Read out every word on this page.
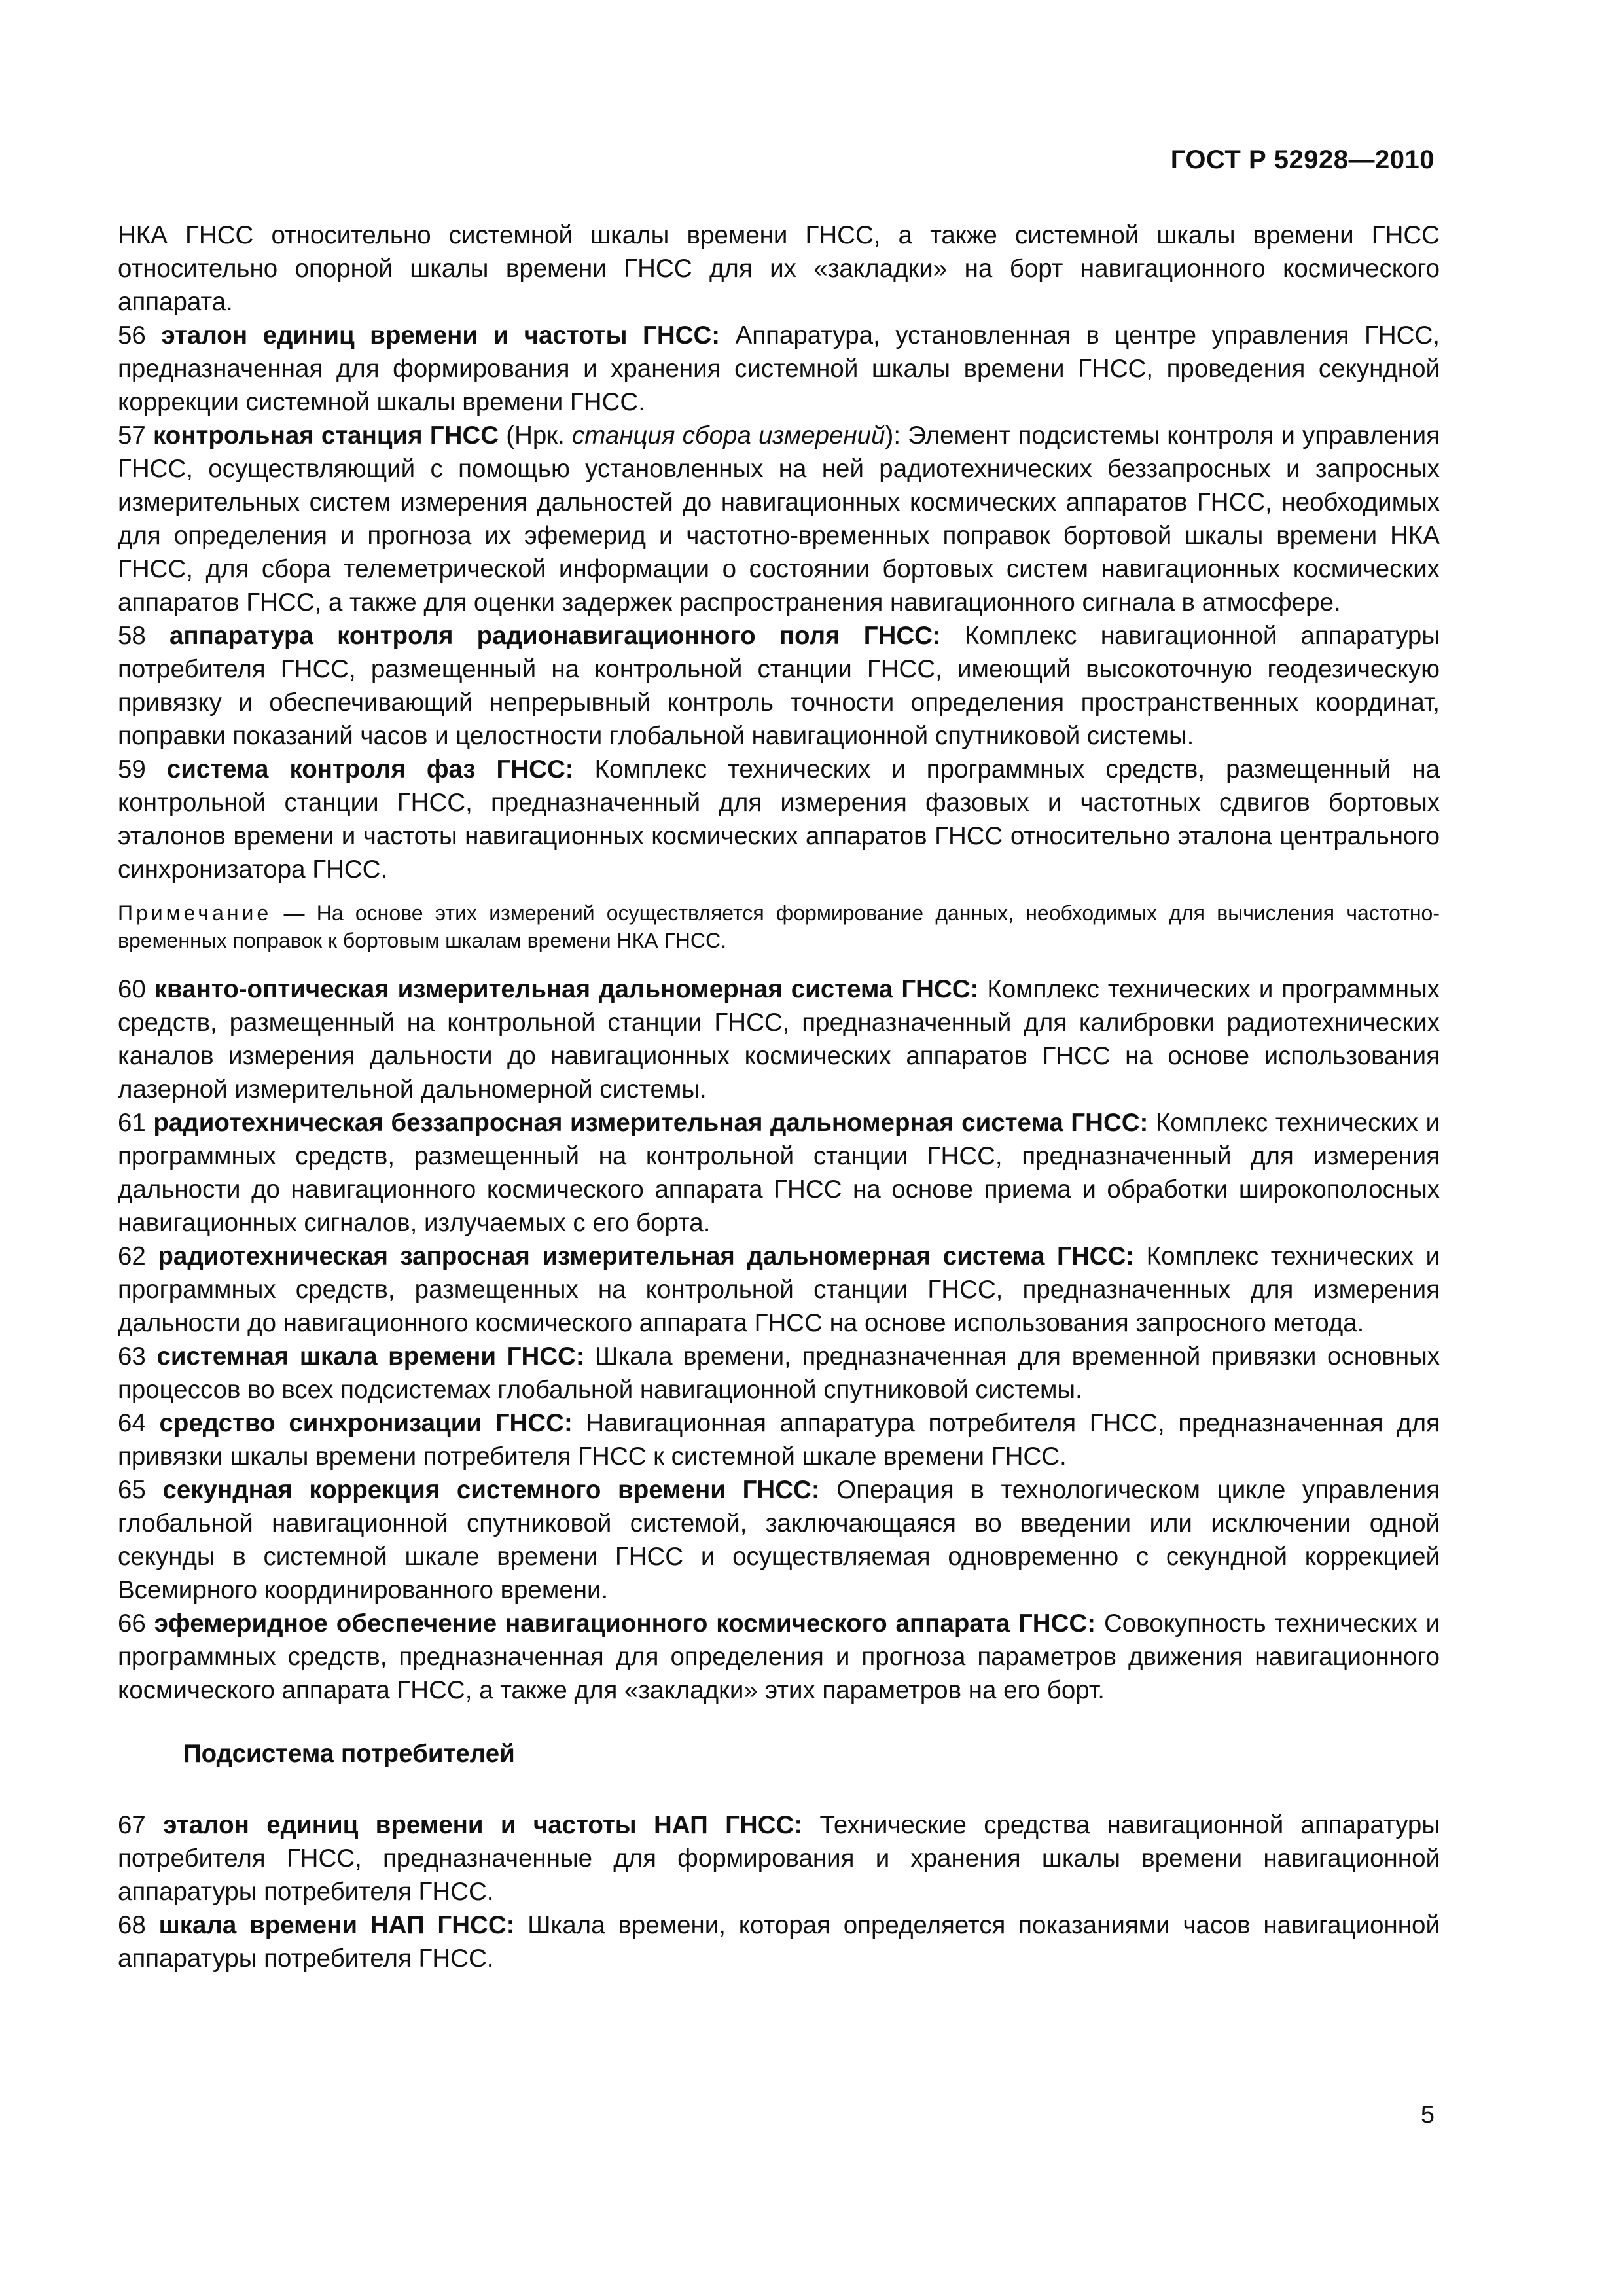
ГОСТ Р 52928—2010

НКА ГНСС относительно системной шкалы времени ГНСС, а также системной шкалы времени ГНСС относительно опорной шкалы времени ГНСС для их «закладки» на борт навигационного космического аппарата.

56 эталон единиц времени и частоты ГНСС: Аппаратура, установленная в центре управления ГНСС, предназначенная для формирования и хранения системной шкалы времени ГНСС, проведения секундной коррекции системной шкалы времени ГНСС.

57 контрольная станция ГНСС (Нрк. станция сбора измерений): Элемент подсистемы контроля и управления ГНСС, осуществляющий с помощью установленных на ней радиотехнических беззапросных и запросных измерительных систем измерения дальностей до навигационных космических аппаратов ГНСС, необходимых для определения и прогноза их эфемерид и частотно-временных поправок бортовой шкалы времени НКА ГНСС, для сбора телеметрической информации о состоянии бортовых систем навигационных космических аппаратов ГНСС, а также для оценки задержек распространения навигационного сигнала в атмосфере.

58 аппаратура контроля радионавигационного поля ГНСС: Комплекс навигационной аппаратуры потребителя ГНСС, размещенный на контрольной станции ГНСС, имеющий высокоточную геодезическую привязку и обеспечивающий непрерывный контроль точности определения пространственных координат, поправки показаний часов и целостности глобальной навигационной спутниковой системы.

59 система контроля фаз ГНСС: Комплекс технических и программных средств, размещенный на контрольной станции ГНСС, предназначенный для измерения фазовых и частотных сдвигов бортовых эталонов времени и частоты навигационных космических аппаратов ГНСС относительно эталона центрального синхронизатора ГНСС.

Примечание — На основе этих измерений осуществляется формирование данных, необходимых для вычисления частотно-временных поправок к бортовым шкалам времени НКА ГНСС.

60 кванто-оптическая измерительная дальномерная система ГНСС: Комплекс технических и программных средств, размещенный на контрольной станции ГНСС, предназначенный для калибровки радиотехнических каналов измерения дальности до навигационных космических аппаратов ГНСС на основе использования лазерной измерительной дальномерной системы.

61 радиотехническая беззапросная измерительная дальномерная система ГНСС: Комплекс технических и программных средств, размещенный на контрольной станции ГНСС, предназначенный для измерения дальности до навигационного космического аппарата ГНСС на основе приема и обработки широкополосных навигационных сигналов, излучаемых с его борта.

62 радиотехническая запросная измерительная дальномерная система ГНСС: Комплекс технических и программных средств, размещенных на контрольной станции ГНСС, предназначенных для измерения дальности до навигационного космического аппарата ГНСС на основе использования запросного метода.

63 системная шкала времени ГНСС: Шкала времени, предназначенная для временной привязки основных процессов во всех подсистемах глобальной навигационной спутниковой системы.

64 средство синхронизации ГНСС: Навигационная аппаратура потребителя ГНСС, предназначенная для привязки шкалы времени потребителя ГНСС к системной шкале времени ГНСС.

65 секундная коррекция системного времени ГНСС: Операция в технологическом цикле управления глобальной навигационной спутниковой системой, заключающаяся во введении или исключении одной секунды в системной шкале времени ГНСС и осуществляемая одновременно с секундной коррекцией Всемирного координированного времени.

66 эфемеридное обеспечение навигационного космического аппарата ГНСС: Совокупность технических и программных средств, предназначенная для определения и прогноза параметров движения навигационного космического аппарата ГНСС, а также для «закладки» этих параметров на его борт.

Подсистема потребителей

67 эталон единиц времени и частоты НАП ГНСС: Технические средства навигационной аппаратуры потребителя ГНСС, предназначенные для формирования и хранения шкалы времени навигационной аппаратуры потребителя ГНСС.

68 шкала времени НАП ГНСС: Шкала времени, которая определяется показаниями часов навигационной аппаратуры потребителя ГНСС.

5
